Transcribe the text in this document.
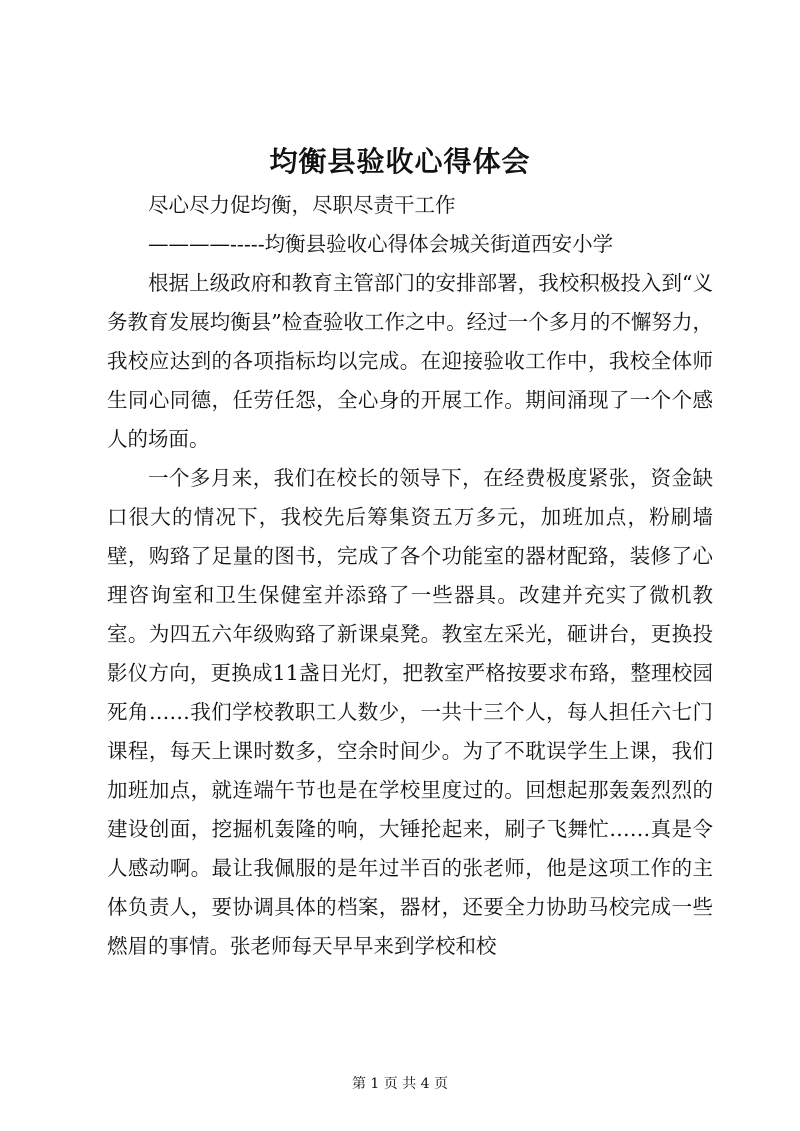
均衡县验收心得体会

尽心尽力促均衡，尽职尽责干工作

————-----均衡县验收心得体会城关街道西安小学

根据上级政府和教育主管部门的安排部署，我校积极投入到“义务教育发展均衡县”检查验收工作之中。经过一个多月的不懈努力，我校应达到的各项指标均以完成。在迎接验收工作中，我校全体师生同心同德，任劳任怨，全心身的开展工作。期间涌现了一个个感人的场面。

一个多月来，我们在校长的领导下，在经费极度紧张，资金缺口很大的情况下，我校先后筹集资五万多元，加班加点，粉刷墙壁，购臵了足量的图书，完成了各个功能室的器材配臵，装修了心理咨询室和卫生保健室并添臵了一些器具。改建并充实了微机教室。为四五六年级购臵了新课桌凳。教室左采光，砸讲台，更换投影仪方向，更换成11盏日光灯，把教室严格按要求布臵，整理校园死角……我们学校教职工人数少，一共十三个人，每人担任六七门课程，每天上课时数多，空余时间少。为了不耽误学生上课，我们加班加点，就连端午节也是在学校里度过的。回想起那轰轰烈烈的建设创面，挖掘机轰隆的响，大锤抡起来，刷子飞舞忙……真是令人感动啊。最让我佩服的是年过半百的张老师，他是这项工作的主体负责人，要协调具体的档案，器材，还要全力协助马校完成一些燃眉的事情。张老师每天早早来到学校和校

第 1 页 共 4 页
